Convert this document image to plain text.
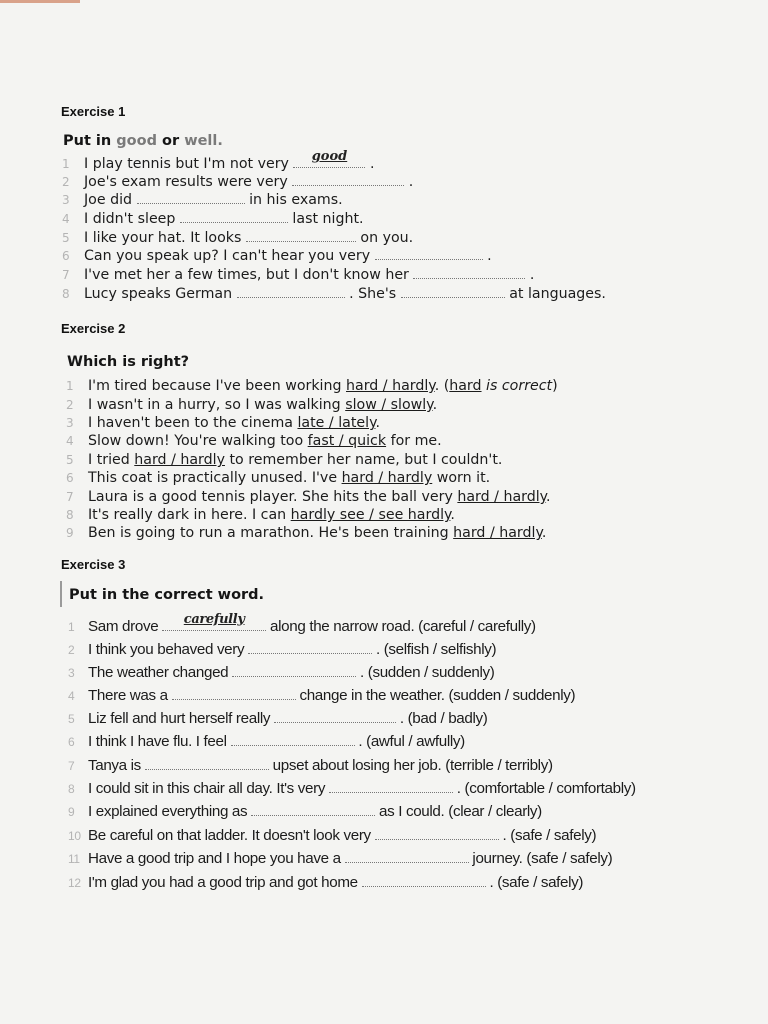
Exercise 1
Put in good or well.
1 I play tennis but I'm not very	good	.
2 Joe's exam results were very	.
3 Joe did	in his exams.
4 I didn't sleep	last night.
5 I like your hat. It looks	on you.
6 Can you speak up? I can't hear you very	.
7 I've met her a few times, but I don't know her	.
8 Lucy speaks German	. She's	at languages.
Exercise 2
Which is right?
1 I'm tired because I've been working hard / hardly. (hard is correct)
2 I wasn't in a hurry, so I was walking slow / slowly.
3 I haven't been to the cinema late / lately.
4 Slow down! You're walking too fast / quick for me.
5 I tried hard / hardly to remember her name, but I couldn't.
6 This coat is practically unused. I've hard / hardly worn it.
7 Laura is a good tennis player. She hits the ball very hard / hardly.
8 It's really dark in here. I can hardly see / see hardly.
9 Ben is going to run a marathon. He's been training hard / hardly.
Exercise 3
Put in the correct word.
1 Sam drove	carefully	along the narrow road. (careful / carefully)
2 I think you behaved very	. (selfish / selfishly)
3 The weather changed	. (sudden / suddenly)
4 There was a	change in the weather. (sudden / suddenly)
5 Liz fell and hurt herself really	. (bad / badly)
6 I think I have flu. I feel	. (awful / awfully)
7 Tanya is	upset about losing her job. (terrible / terribly)
8 I could sit in this chair all day. It's very	. (comfortable / comfortably)
9 I explained everything as	as I could. (clear / clearly)
10 Be careful on that ladder. It doesn't look very	. (safe / safely)
11 Have a good trip and I hope you have a	journey. (safe / safely)
12 I'm glad you had a good trip and got home	. (safe / safely)
